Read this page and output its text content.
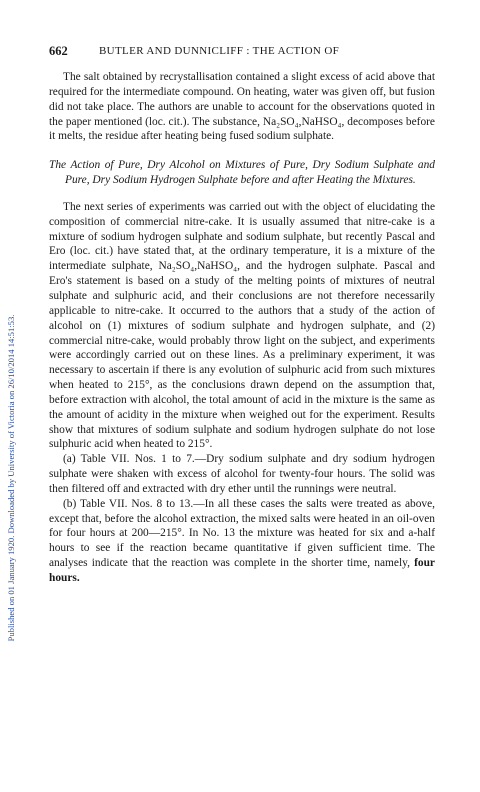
Published on 01 January 1920. Downloaded by University of Victoria on 26/10/2014 14:51:53.
662	BUTLER AND DUNNICLIFF : THE ACTION OF

The salt obtained by recrystallisation contained a slight excess of acid above that required for the intermediate compound. On heating, water was given off, but fusion did not take place. The authors are unable to account for the observations quoted in the paper mentioned (loc. cit.). The substance, Na₂SO₄,NaHSO₄, decomposes before it melts, the residue after heating being fused sodium sulphate.

The Action of Pure, Dry Alcohol on Mixtures of Pure, Dry Sodium Sulphate and Pure, Dry Sodium Hydrogen Sulphate before and after Heating the Mixtures.

The next series of experiments was carried out with the object of elucidating the composition of commercial nitre-cake. It is usually assumed that nitre-cake is a mixture of sodium hydrogen sulphate and sodium sulphate, but recently Pascal and Ero (loc. cit.) have stated that, at the ordinary temperature, it is a mixture of the intermediate sulphate, Na₂SO₄,NaHSO₄, and the hydrogen sulphate. Pascal and Ero's statement is based on a study of the melting points of mixtures of neutral sulphate and sulphuric acid, and their conclusions are not therefore necessarily applicable to nitre-cake. It occurred to the authors that a study of the action of alcohol on (1) mixtures of sodium sulphate and hydrogen sulphate, and (2) commercial nitre-cake, would probably throw light on the subject, and experiments were accordingly carried out on these lines. As a preliminary experiment, it was necessary to ascertain if there is any evolution of sulphuric acid from such mixtures when heated to 215°, as the conclusions drawn depend on the assumption that, before extraction with alcohol, the total amount of acid in the mixture is the same as the amount of acidity in the mixture when weighed out for the experiment. Results show that mixtures of sodium sulphate and sodium hydrogen sulphate do not lose sulphuric acid when heated to 215°.

(a) Table VII. Nos. 1 to 7.—Dry sodium sulphate and dry sodium hydrogen sulphate were shaken with excess of alcohol for twenty-four hours. The solid was then filtered off and extracted with dry ether until the runnings were neutral.

(b) Table VII. Nos. 8 to 13.—In all these cases the salts were treated as above, except that, before the alcohol extraction, the mixed salts were heated in an oil-oven for four hours at 200—215°. In No. 13 the mixture was heated for six and a-half hours to see if the reaction became quantitative if given sufficient time. The analyses indicate that the reaction was complete in the shorter time, namely, four hours.
